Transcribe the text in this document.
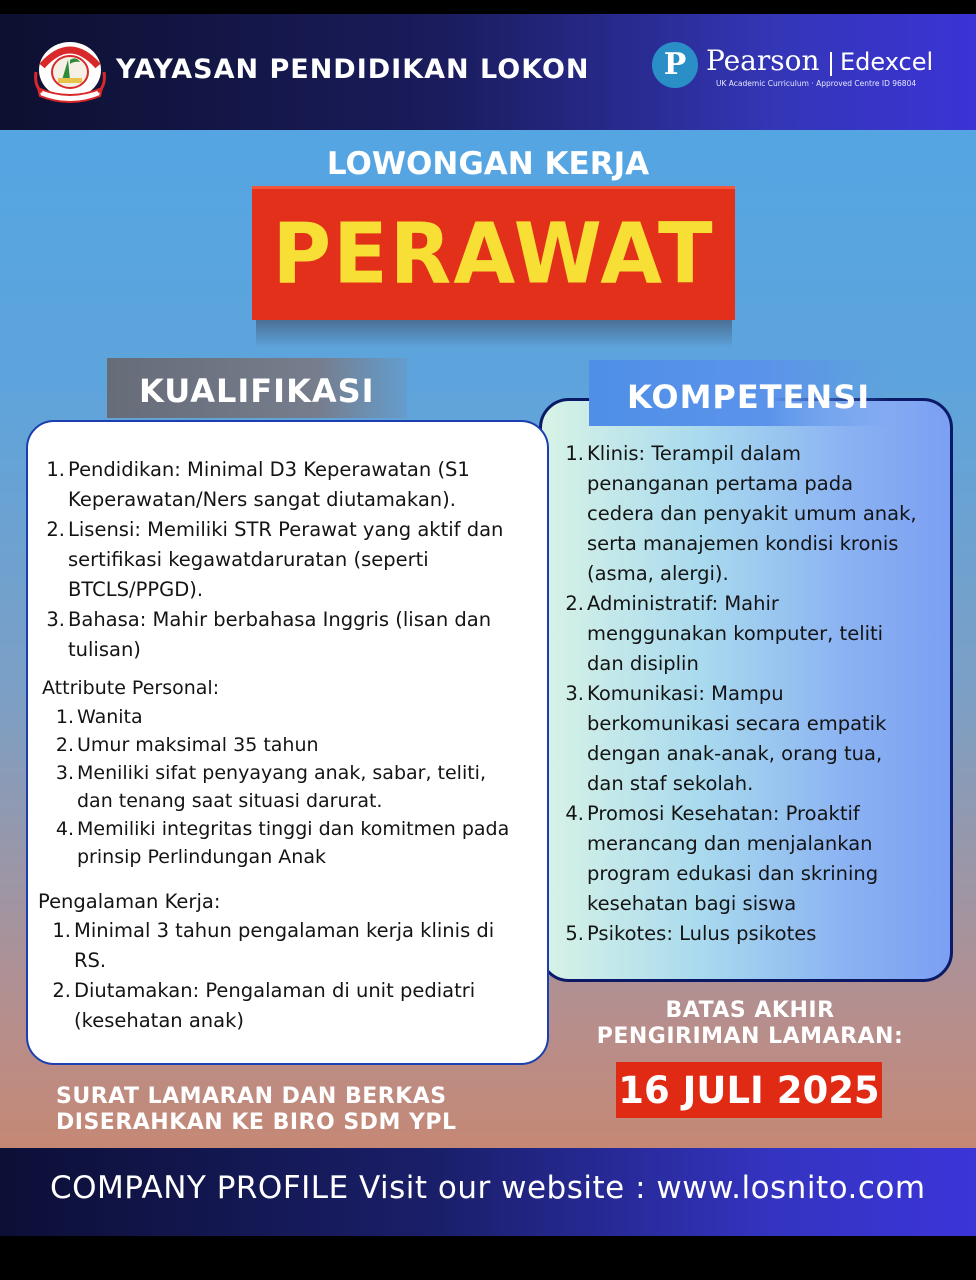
YAYASAN PENDIDIKAN LOKON	P Pearson Edexcel
UK Academic Curriculum · Approved Centre ID 96804
LOWONGAN KERJA
PERAWAT
KUALIFIKASI	KOMPETENSI
1. Pendidikan: Minimal D3 Keperawatan (S1
Keperawatan/Ners sangat diutamakan).
2. Lisensi: Memiliki STR Perawat yang aktif dan
sertifikasi kegawatdaruratan (seperti
BTCLS/PPGD).
3. Bahasa: Mahir berbahasa Inggris (lisan dan
tulisan)
Attribute Personal:
1. Wanita
2. Umur maksimal 35 tahun
3. Meniliki sifat penyayang anak, sabar, teliti,
dan tenang saat situasi darurat.
4. Memiliki integritas tinggi dan komitmen pada
prinsip Perlindungan Anak
Pengalaman Kerja:
1. Minimal 3 tahun pengalaman kerja klinis di
RS.
2. Diutamakan: Pengalaman di unit pediatri
(kesehatan anak)
1. Klinis: Terampil dalam
penanganan pertama pada
cedera dan penyakit umum anak,
serta manajemen kondisi kronis
(asma, alergi).
2. Administratif: Mahir
menggunakan komputer, teliti
dan disiplin
3. Komunikasi: Mampu
berkomunikasi secara empatik
dengan anak-anak, orang tua,
dan staf sekolah.
4. Promosi Kesehatan: Proaktif
merancang dan menjalankan
program edukasi dan skrining
kesehatan bagi siswa
5. Psikotes: Lulus psikotes
SURAT LAMARAN DAN BERKAS
DISERAHKAN KE BIRO SDM YPL
BATAS AKHIR
PENGIRIMAN LAMARAN:
16 JULI 2025
COMPANY PROFILE Visit our website : www.losnito.com
